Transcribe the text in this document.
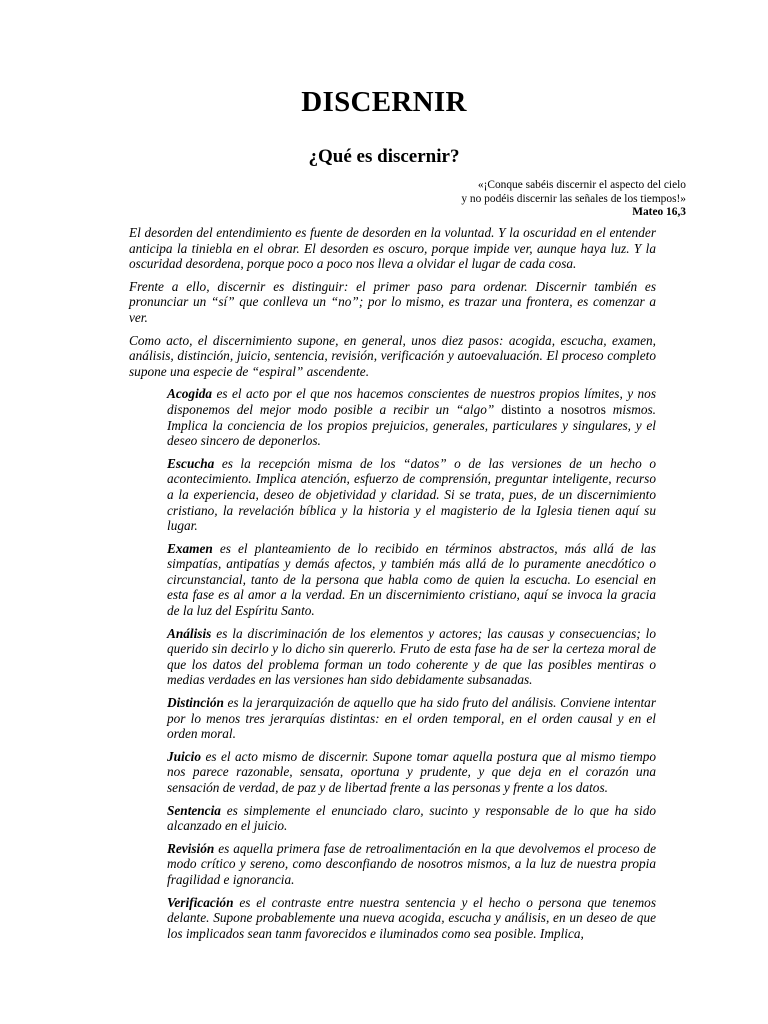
DISCERNIR
¿Qué es discernir?
«¡Conque sabéis discernir el aspecto del cielo
y no podéis discernir las señales de los tiempos!»
Mateo 16,3

El desorden del entendimiento es fuente de desorden en la voluntad. Y la oscuridad en el entender anticipa la tiniebla en el obrar. El desorden es oscuro, porque impide ver, aunque haya luz. Y la oscuridad desordena, porque poco a poco nos lleva a olvidar el lugar de cada cosa.

Frente a ello, discernir es distinguir: el primer paso para ordenar. Discernir también es pronunciar un “sí” que conlleva un “no”; por lo mismo, es trazar una frontera, es comenzar a ver.

Como acto, el discernimiento supone, en general, unos diez pasos: acogida, escucha, examen, análisis, distinción, juicio, sentencia, revisión, verificación y autoevaluación. El proceso completo supone una especie de “espiral” ascendente.

Acogida es el acto por el que nos hacemos conscientes de nuestros propios límites, y nos disponemos del mejor modo posible a recibir un “algo” distinto a nosotros mismos. Implica la conciencia de los propios prejuicios, generales, particulares y singulares, y el deseo sincero de deponerlos.

Escucha es la recepción misma de los “datos” o de las versiones de un hecho o acontecimiento. Implica atención, esfuerzo de comprensión, preguntar inteligente, recurso a la experiencia, deseo de objetividad y claridad. Si se trata, pues, de un discernimiento cristiano, la revelación bíblica y la historia y el magisterio de la Iglesia tienen aquí su lugar.

Examen es el planteamiento de lo recibido en términos abstractos, más allá de las simpatías, antipatías y demás afectos, y también más allá de lo puramente anecdótico o circunstancial, tanto de la persona que habla como de quien la escucha. Lo esencial en esta fase es al amor a la verdad. En un discernimiento cristiano, aquí se invoca la gracia de la luz del Espíritu Santo.

Análisis es la discriminación de los elementos y actores; las causas y consecuencias; lo querido sin decirlo y lo dicho sin quererlo. Fruto de esta fase ha de ser la certeza moral de que los datos del problema forman un todo coherente y de que las posibles mentiras o medias verdades en las versiones han sido debidamente subsanadas.

Distinción es la jerarquización de aquello que ha sido fruto del análisis. Conviene intentar por lo menos tres jerarquías distintas: en el orden temporal, en el orden causal y en el orden moral.

Juicio es el acto mismo de discernir. Supone tomar aquella postura que al mismo tiempo nos parece razonable, sensata, oportuna y prudente, y que deja en el corazón una sensación de verdad, de paz y de libertad frente a las personas y frente a los datos.

Sentencia es simplemente el enunciado claro, sucinto y responsable de lo que ha sido alcanzado en el juicio.

Revisión es aquella primera fase de retroalimentación en la que devolvemos el proceso de modo crítico y sereno, como desconfiando de nosotros mismos, a la luz de nuestra propia fragilidad e ignorancia.

Verificación es el contraste entre nuestra sentencia y el hecho o persona que tenemos delante. Supone probablemente una nueva acogida, escucha y análisis, en un deseo de que los implicados sean tanm favorecidos e iluminados como sea posible. Implica,
